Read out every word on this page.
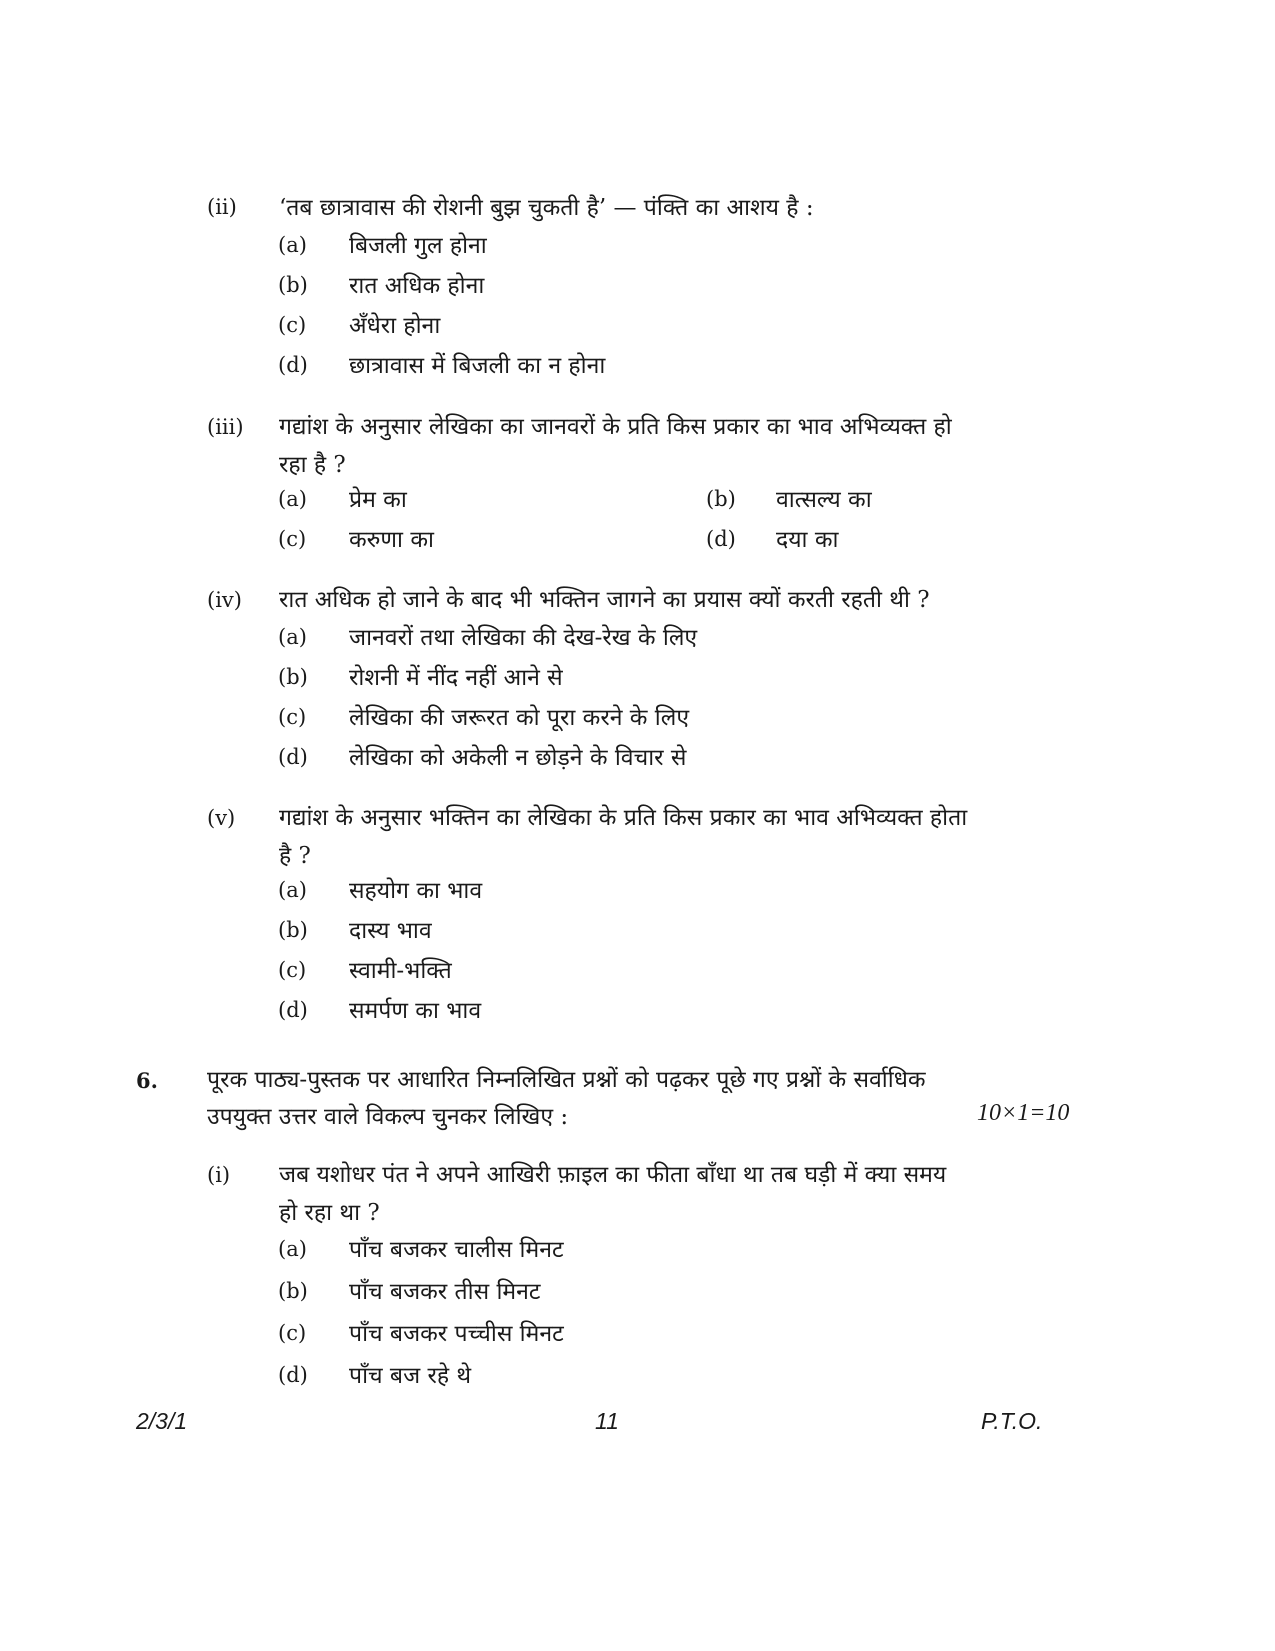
(ii) ‘तब छात्रावास की रोशनी बुझ चुकती है’ — पंक्ति का आशय है :
(a) बिजली गुल होना
(b) रात अधिक होना
(c) अँधेरा होना
(d) छात्रावास में बिजली का न होना
(iii) गद्यांश के अनुसार लेखिका का जानवरों के प्रति किस प्रकार का भाव अभिव्यक्त हो
रहा है ?
(a) प्रेम का	(b) वात्सल्य का
(c) करुणा का	(d) दया का
(iv) रात अधिक हो जाने के बाद भी भक्तिन जागने का प्रयास क्यों करती रहती थी ?
(a) जानवरों तथा लेखिका की देख-रेख के लिए
(b) रोशनी में नींद नहीं आने से
(c) लेखिका की जरूरत को पूरा करने के लिए
(d) लेखिका को अकेली न छोड़ने के विचार से
(v) गद्यांश के अनुसार भक्तिन का लेखिका के प्रति किस प्रकार का भाव अभिव्यक्त होता
है ?
(a) सहयोग का भाव
(b) दास्य भाव
(c) स्वामी-भक्ति
(d) समर्पण का भाव
6. पूरक पाठ्य-पुस्तक पर आधारित निम्नलिखित प्रश्नों को पढ़कर पूछे गए प्रश्नों के सर्वाधिक
उपयुक्त उत्तर वाले विकल्प चुनकर लिखिए :	10×1=10
(i) जब यशोधर पंत ने अपने आखिरी फ़ाइल का फीता बाँधा था तब घड़ी में क्या समय
हो रहा था ?
(a) पाँच बजकर चालीस मिनट
(b) पाँच बजकर तीस मिनट
(c) पाँच बजकर पच्चीस मिनट
(d) पाँच बज रहे थे
2/3/1	11	P.T.O.
